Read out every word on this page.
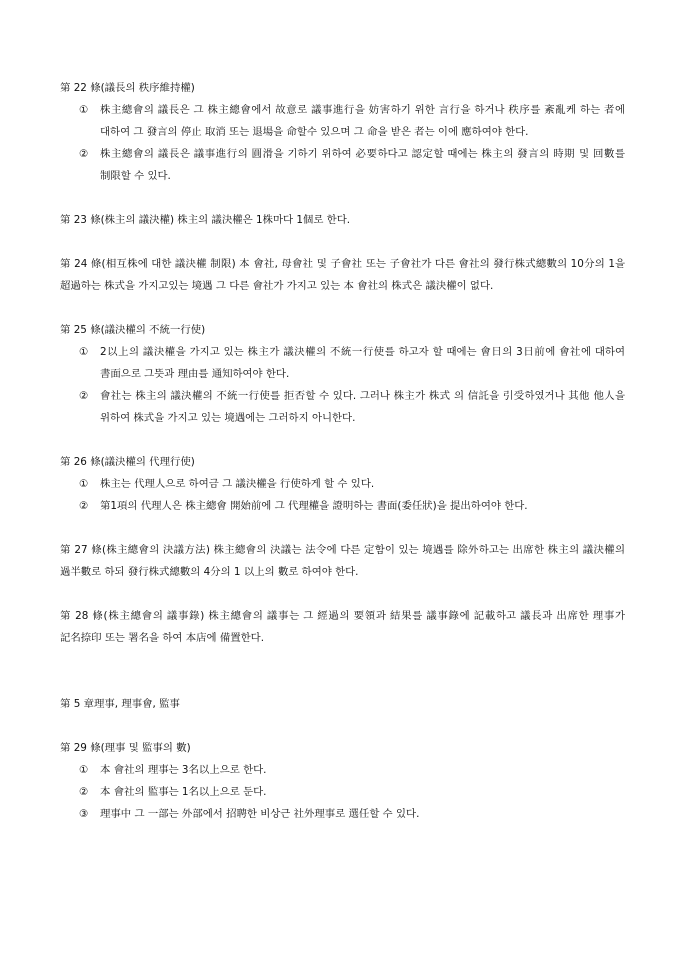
第 22 條(議長의 秩序維持權)
①	株主總會의 議長은 그 株主總會에서 故意로 議事進行을 妨害하기 위한 言行을 하거나 秩序를 紊亂케 하는 者에 대하여 그 發言의 停止 取消 또는 退場을 命할수 있으며 그 命을 받은 者는 이에 應하여야 한다.
②	株主總會의 議長은 議事進行의 圓滑을 기하기 위하여 必要하다고 認定할 때에는 株主의 發言의 時期 및 回數를 制限할 수 있다.
第 23 條(株主의 議決權) 株主의 議決權은 1株마다 1個로 한다.
第 24 條(相互株에 대한 議決權 制限) 本 會社, 母會社 및 子會社 또는 子會社가 다른 會社의 發行株式總數의 10分의 1을 超過하는 株式을 가지고있는 境遇 그 다른 會社가 가지고 있는 本 會社의 株式은 議決權이 없다.
第 25 條(議決權의 不統一行使)
①	2以上의 議決權을 가지고 있는 株主가 議決權의 不統一行使를 하고자 할 때에는 會日의 3日前에 會社에 대하여 書面으로 그뜻과 理由를 通知하여야 한다.
②	會社는 株主의 議決權의 不統一行使를 拒否할 수 있다. 그러나 株主가 株式 의 信託을 引受하였거나 其他 他人을 위하여 株式을 가지고 있는 境遇에는 그러하지 아니한다.
第 26 條(議決權의 代理行使)
①	株主는 代理人으로 하여금 그 議決權을 行使하게 할 수 있다.
②	第1項의 代理人은 株主總會 開始前에 그 代理權을 證明하는 書面(委任狀)을 提出하여야 한다.
第 27 條(株主總會의 決議方法) 株主總會의 決議는 法令에 다른 定함이 있는 境遇를 除外하고는 出席한 株主의 議決權의 過半數로 하되 發行株式總數의 4分의 1 以上의 數로 하여야 한다.
第 28 條(株主總會의 議事錄) 株主總會의 議事는 그 經過의 要領과 結果를 議事錄에 記載하고 議長과 出席한 理事가 記名捺印 또는 署名을 하여 本店에 備置한다.
第 5 章理事, 理事會, 監事
第 29 條(理事 및 監事의 數)
①	本 會社의 理事는 3名以上으로 한다.
②	本 會社의 監事는 1名以上으로 둔다.
③	理事中 그 一部는 外部에서 招聘한 비상근 社外理事로 選任할 수 있다.
